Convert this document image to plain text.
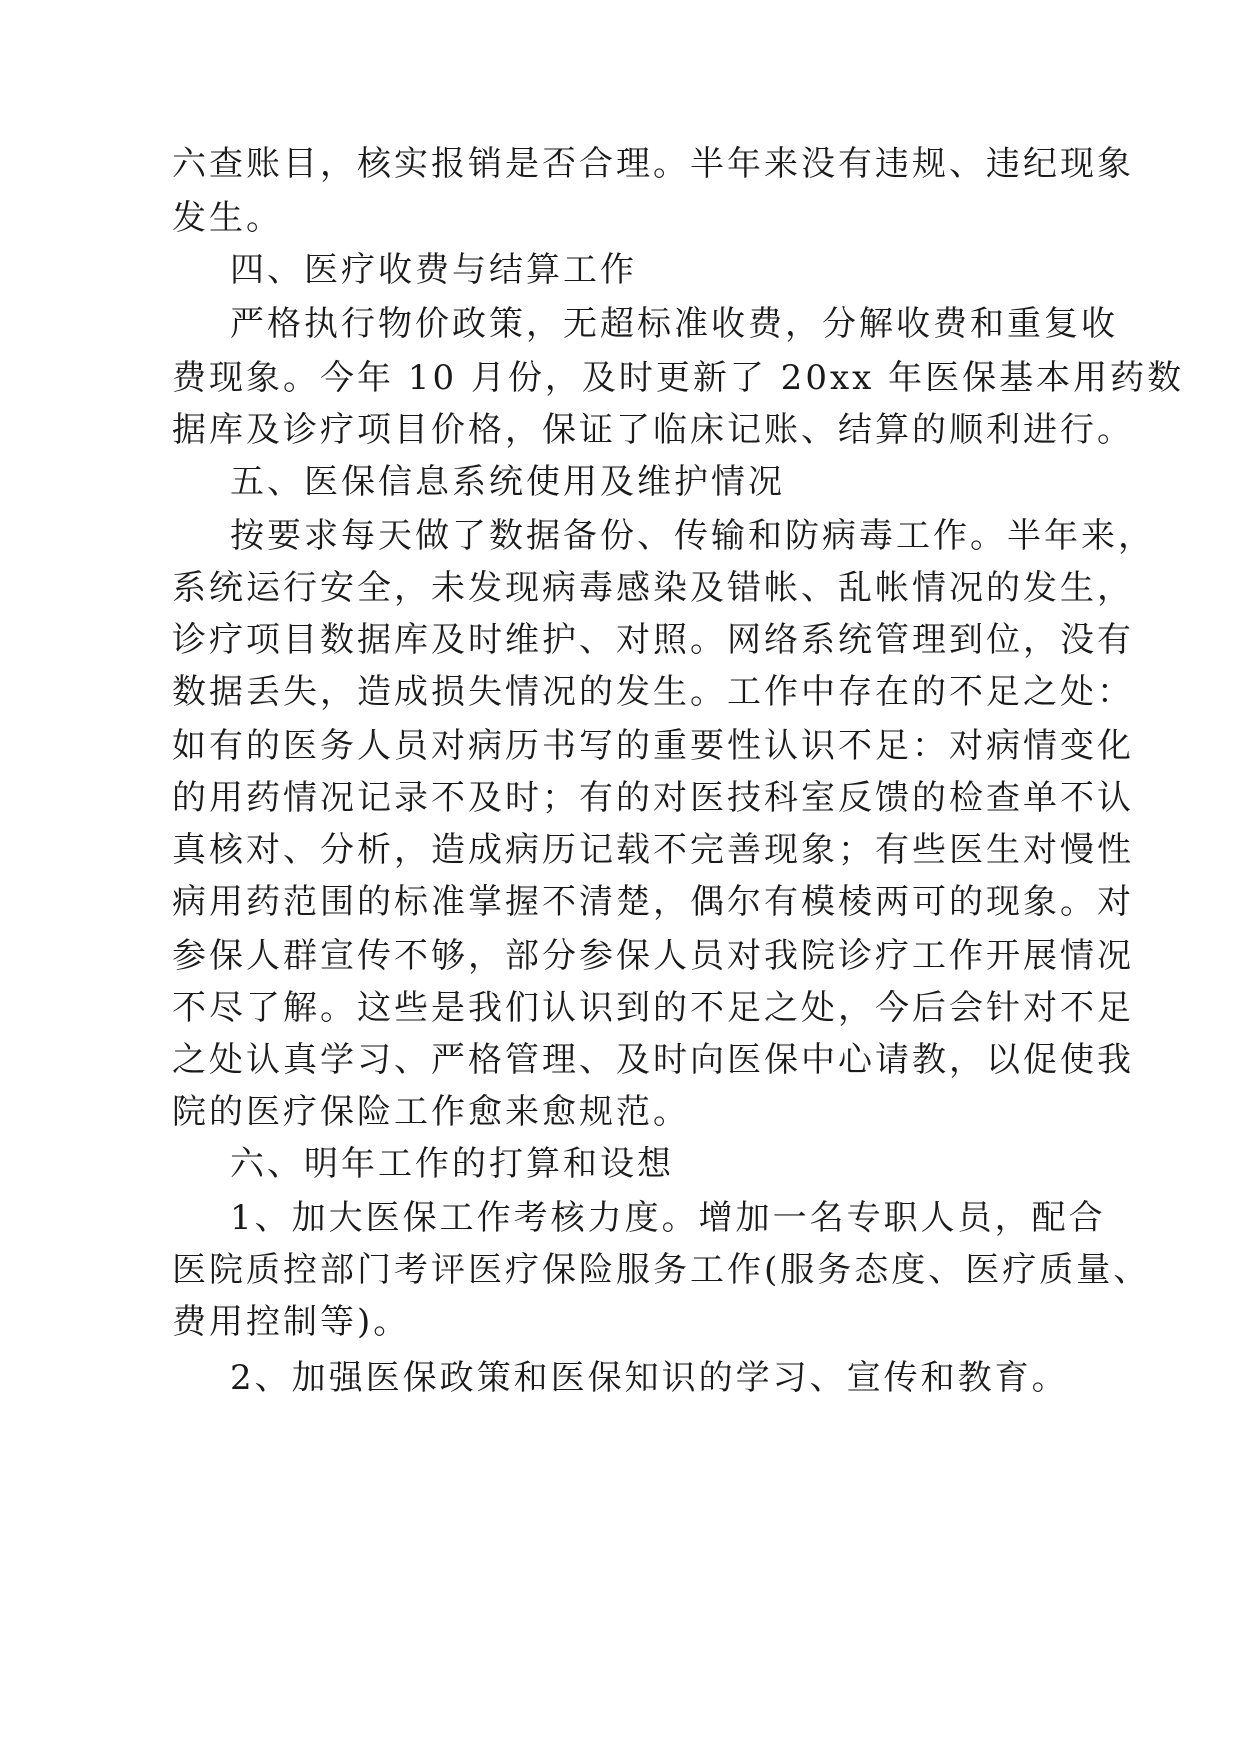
六查账目，核实报销是否合理。半年来没有违规、违纪现象
发生。
四、医疗收费与结算工作
严格执行物价政策，无超标准收费，分解收费和重复收
费现象。今年 10 月份，及时更新了 20xx 年医保基本用药数
据库及诊疗项目价格，保证了临床记账、结算的顺利进行。
五、医保信息系统使用及维护情况
按要求每天做了数据备份、传输和防病毒工作。半年来，
系统运行安全，未发现病毒感染及错帐、乱帐情况的发生，
诊疗项目数据库及时维护、对照。网络系统管理到位，没有
数据丢失，造成损失情况的发生。工作中存在的不足之处：
如有的医务人员对病历书写的重要性认识不足：对病情变化
的用药情况记录不及时；有的对医技科室反馈的检查单不认
真核对、分析，造成病历记载不完善现象；有些医生对慢性
病用药范围的标准掌握不清楚，偶尔有模棱两可的现象。对
参保人群宣传不够，部分参保人员对我院诊疗工作开展情况
不尽了解。这些是我们认识到的不足之处，今后会针对不足
之处认真学习、严格管理、及时向医保中心请教，以促使我
院的医疗保险工作愈来愈规范。
六、明年工作的打算和设想
1、加大医保工作考核力度。增加一名专职人员，配合
医院质控部门考评医疗保险服务工作(服务态度、医疗质量、
费用控制等)。
2、加强医保政策和医保知识的学习、宣传和教育。
